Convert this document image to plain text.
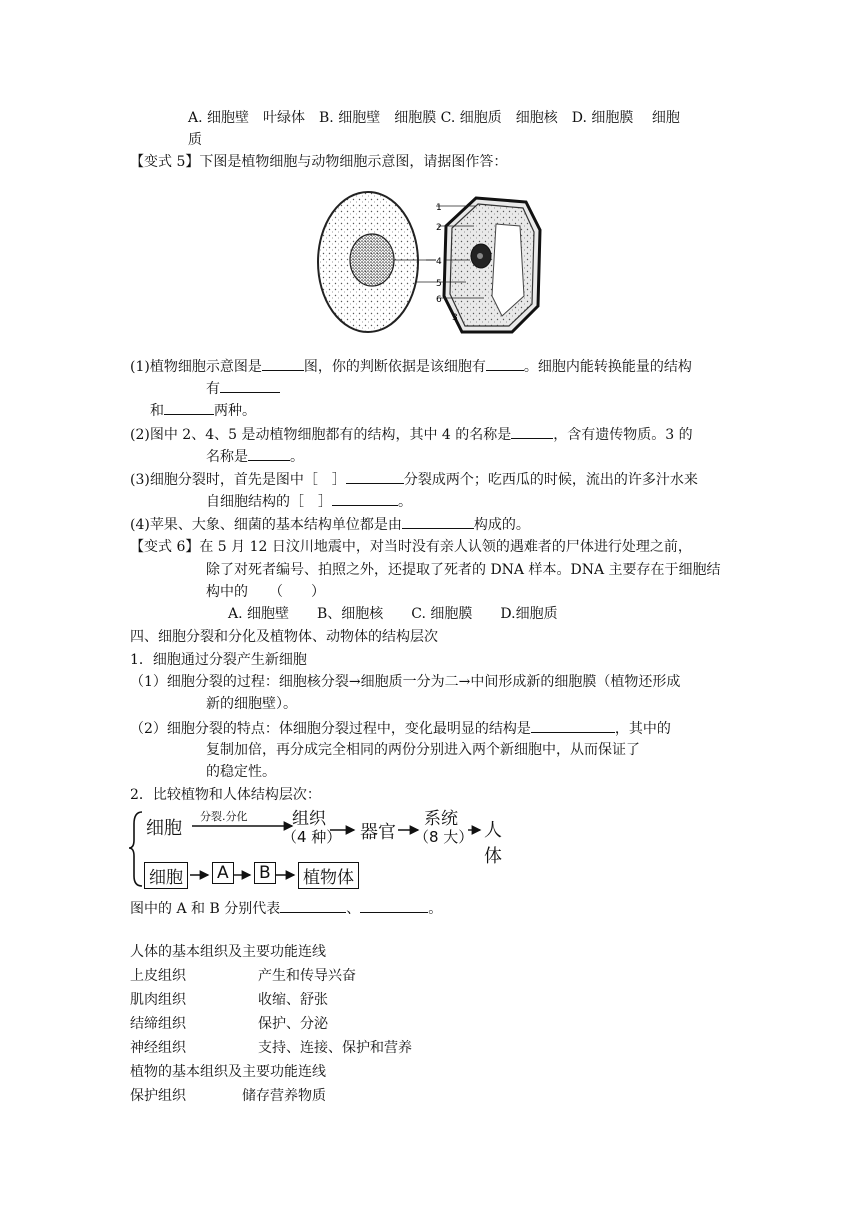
A. 细胞壁　叶绿体　B. 细胞壁　细胞膜 C. 细胞质　细胞核　D. 细胞膜　 细胞
质
【变式 5】下图是植物细胞与动物细胞示意图，请据图作答：
1
2
4
5
6
3
(1)植物细胞示意图是	图，你的判断依据是该细胞有	。细胞内能转换能量的结构
有
和	两种。
(2)图中 2、4、5 是动植物细胞都有的结构，其中 4 的名称是	，含有遗传物质。3 的
名称是	。
(3)细胞分裂时，首先是图中［　］	分裂成两个；吃西瓜的时候，流出的许多汁水来
自细胞结构的［　］	。
(4)苹果、大象、细菌的基本结构单位都是由	构成的。
【变式 6】在 5 月 12 日汶川地震中，对当时没有亲人认领的遇难者的尸体进行处理之前，
除了对死者编号、拍照之外，还提取了死者的 DNA 样本。DNA 主要存在于细胞结
构中的　　（　　）
A. 细胞壁　　B、细胞核　　C. 细胞膜　　D.细胞质
四、细胞分裂和分化及植物体、动物体的结构层次
1．细胞通过分裂产生新细胞
（1）细胞分裂的过程：细胞核分裂→细胞质一分为二→中间形成新的细胞膜（植物还形成
新的细胞壁）。
（2）细胞分裂的特点：体细胞分裂过程中，变化最明显的结构是	，其中的
复制加倍，再分成完全相同的两份分别进入两个新细胞中，从而保证了
的稳定性。
2．比较植物和人体结构层次：
细胞
分裂.分化	组织
（4 种） 器官
系统
（8 大） 人体
细胞 A B 植物体
图中的 A 和 B 分别代表	、	。
人体的基本组织及主要功能连线
上皮组织	产生和传导兴奋
肌肉组织	收缩、舒张
结缔组织	保护、分泌
神经组织	支持、连接、保护和营养
植物的基本组织及主要功能连线
保护组织	储存营养物质
